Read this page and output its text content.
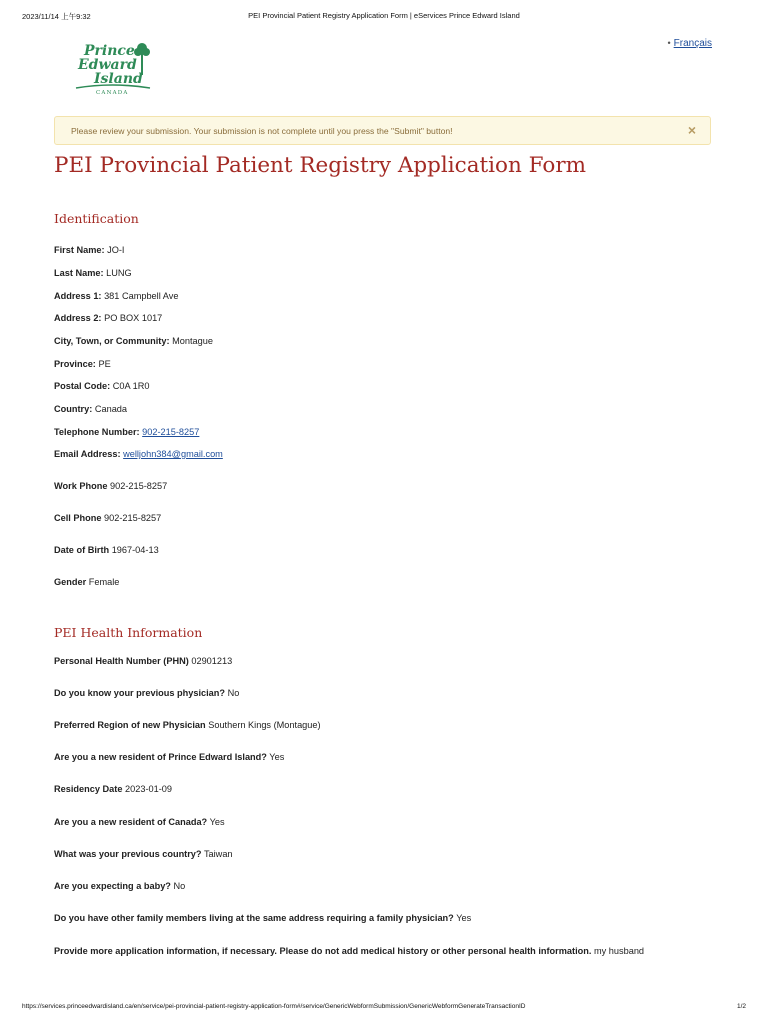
2023/11/14 上午9:32	PEI Provincial Patient Registry Application Form | eServices Prince Edward Island
Prince
Edward
Island
CANADA
• Français
Please review your submission. Your submission is not complete until you press the "Submit" button!	×
PEI Provincial Patient Registry Application Form
Identification
First Name: JO-I
Last Name: LUNG
Address 1: 381 Campbell Ave
Address 2: PO BOX 1017
City, Town, or Community: Montague
Province: PE
Postal Code: C0A 1R0
Country: Canada
Telephone Number: 902-215-8257
Email Address: welljohn384@gmail.com
Work Phone 902-215-8257
Cell Phone 902-215-8257
Date of Birth 1967-04-13
Gender Female
PEI Health Information
Personal Health Number (PHN) 02901213
Do you know your previous physician? No
Preferred Region of new Physician Southern Kings (Montague)
Are you a new resident of Prince Edward Island? Yes
Residency Date 2023-01-09
Are you a new resident of Canada? Yes
What was your previous country? Taiwan
Are you expecting a baby? No
Do you have other family members living at the same address requiring a family physician? Yes
Provide more application information, if necessary. Please do not add medical history or other personal health information. my husband
https://services.princeedwardisland.ca/en/service/pei-provincial-patient-registry-application-form#/service/GenericWebformSubmission/GenericWebformGenerateTransactionID	1/2
